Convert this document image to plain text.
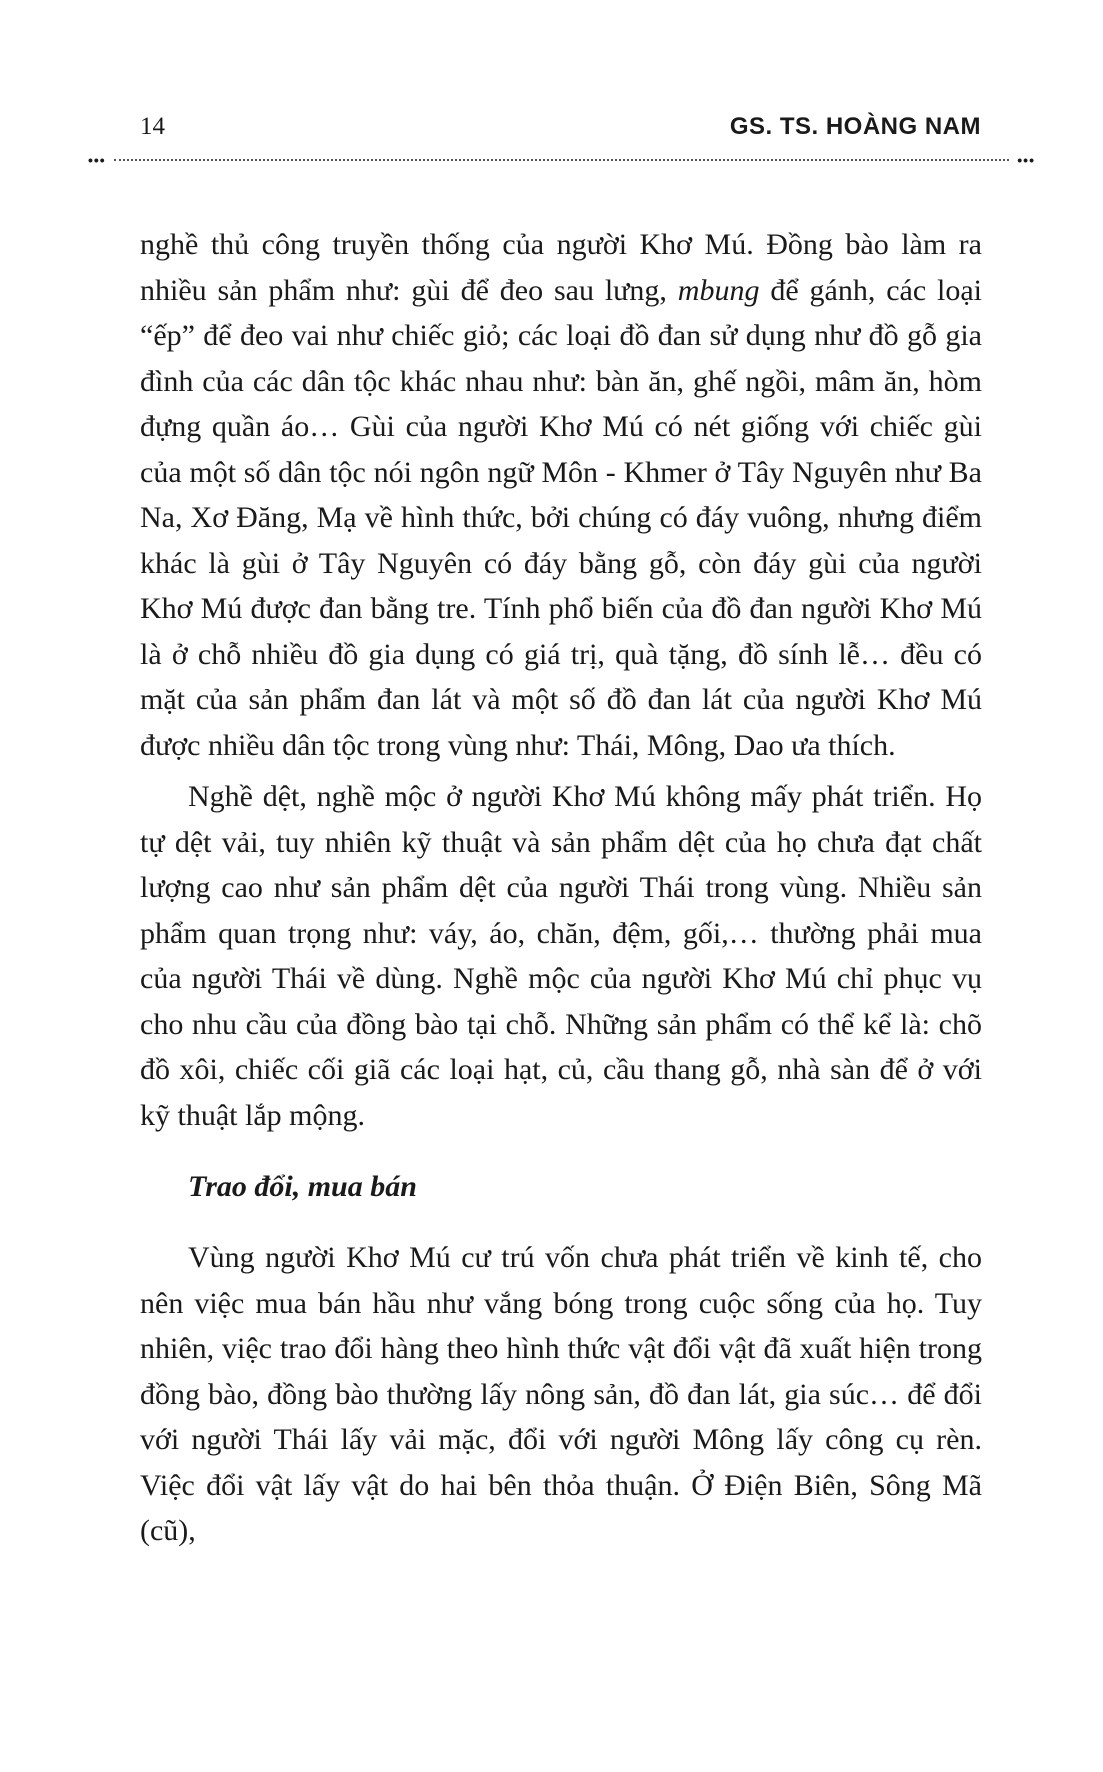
14	GS. TS. HOÀNG NAM
•••	•••

nghề thủ công truyền thống của người Khơ Mú. Đồng bào làm ra nhiều sản phẩm như: gùi để đeo sau lưng, mbung để gánh, các loại “ếp” để đeo vai như chiếc giỏ; các loại đồ đan sử dụng như đồ gỗ gia đình của các dân tộc khác nhau như: bàn ăn, ghế ngồi, mâm ăn, hòm đựng quần áo… Gùi của người Khơ Mú có nét giống với chiếc gùi của một số dân tộc nói ngôn ngữ Môn - Khmer ở Tây Nguyên như Ba Na, Xơ Đăng, Mạ về hình thức, bởi chúng có đáy vuông, nhưng điểm khác là gùi ở Tây Nguyên có đáy bằng gỗ, còn đáy gùi của người Khơ Mú được đan bằng tre. Tính phổ biến của đồ đan người Khơ Mú là ở chỗ nhiều đồ gia dụng có giá trị, quà tặng, đồ sính lễ… đều có mặt của sản phẩm đan lát và một số đồ đan lát của người Khơ Mú được nhiều dân tộc trong vùng như: Thái, Mông, Dao ưa thích.

Nghề dệt, nghề mộc ở người Khơ Mú không mấy phát triển. Họ tự dệt vải, tuy nhiên kỹ thuật và sản phẩm dệt của họ chưa đạt chất lượng cao như sản phẩm dệt của người Thái trong vùng. Nhiều sản phẩm quan trọng như: váy, áo, chăn, đệm, gối,… thường phải mua của người Thái về dùng. Nghề mộc của người Khơ Mú chỉ phục vụ cho nhu cầu của đồng bào tại chỗ. Những sản phẩm có thể kể là: chõ đồ xôi, chiếc cối giã các loại hạt, củ, cầu thang gỗ, nhà sàn để ở với kỹ thuật lắp mộng.

Trao đổi, mua bán

Vùng người Khơ Mú cư trú vốn chưa phát triển về kinh tế, cho nên việc mua bán hầu như vắng bóng trong cuộc sống của họ. Tuy nhiên, việc trao đổi hàng theo hình thức vật đổi vật đã xuất hiện trong đồng bào, đồng bào thường lấy nông sản, đồ đan lát, gia súc… để đổi với người Thái lấy vải mặc, đổi với người Mông lấy công cụ rèn. Việc đổi vật lấy vật do hai bên thỏa thuận. Ở Điện Biên, Sông Mã (cũ),
